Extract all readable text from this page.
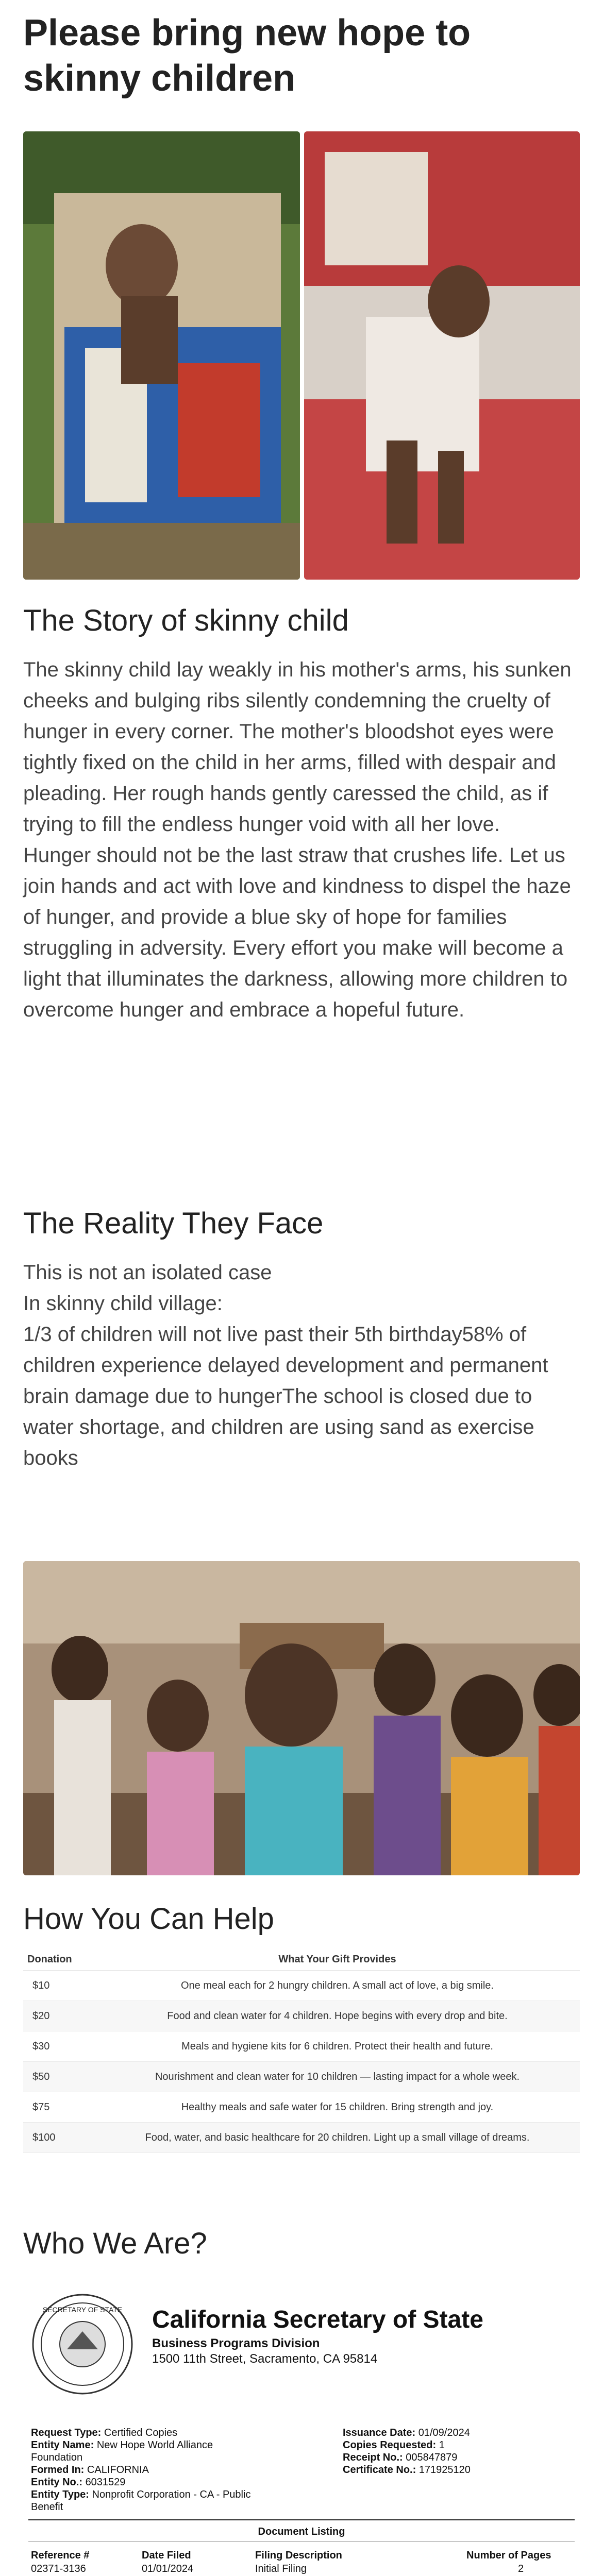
Please bring new hope to skinny children
The Story of skinny child
The skinny child lay weakly in his mother's arms, his sunken cheeks and bulging ribs silently condemning the cruelty of hunger in every corner. The mother's bloodshot eyes were tightly fixed on the child in her arms, filled with despair and pleading. Her rough hands gently caressed the child, as if trying to fill the endless hunger void with all her love.
Hunger should not be the last straw that crushes life. Let us join hands and act with love and kindness to dispel the haze of hunger, and provide a blue sky of hope for families struggling in adversity. Every effort you make will become a light that illuminates the darkness, allowing more children to overcome hunger and embrace a hopeful future.
The Reality They Face
This is not an isolated case
In skinny child village:
1/3 of children will not live past their 5th birthday58% of children experience delayed development and permanent brain damage due to hungerThe school is closed due to water shortage, and children are using sand as exercise books
How You Can Help
Donation	What Your Gift Provides
$10	One meal each for 2 hungry children. A small act of love, a big smile.
$20	Food and clean water for 4 children. Hope begins with every drop and bite.
$30	Meals and hygiene kits for 6 children. Protect their health and future.
$50	Nourishment and clean water for 10 children — lasting impact for a whole week.
$75	Healthy meals and safe water for 15 children. Bring strength and joy.
$100	Food, water, and basic healthcare for 20 children. Light up a small village of dreams.
Who We Are?
SECRETARY OF STATE California Secretary of State
Business Programs Division
1500 11th Street, Sacramento, CA 95814
Request Type: Certified Copies
Entity Name: New Hope World Alliance Foundation
Formed In: CALIFORNIA
Entity No.: 6031529
Entity Type: Nonprofit Corporation - CA - Public Benefit
Issuance Date: 01/09/2024
Copies Requested: 1
Receipt No.: 005847879
Certificate No.: 171925120
Document Listing
Reference #	Date Filed	Filing Description	Number of Pages
02371-3136	01/01/2024	Initial Filing	2
